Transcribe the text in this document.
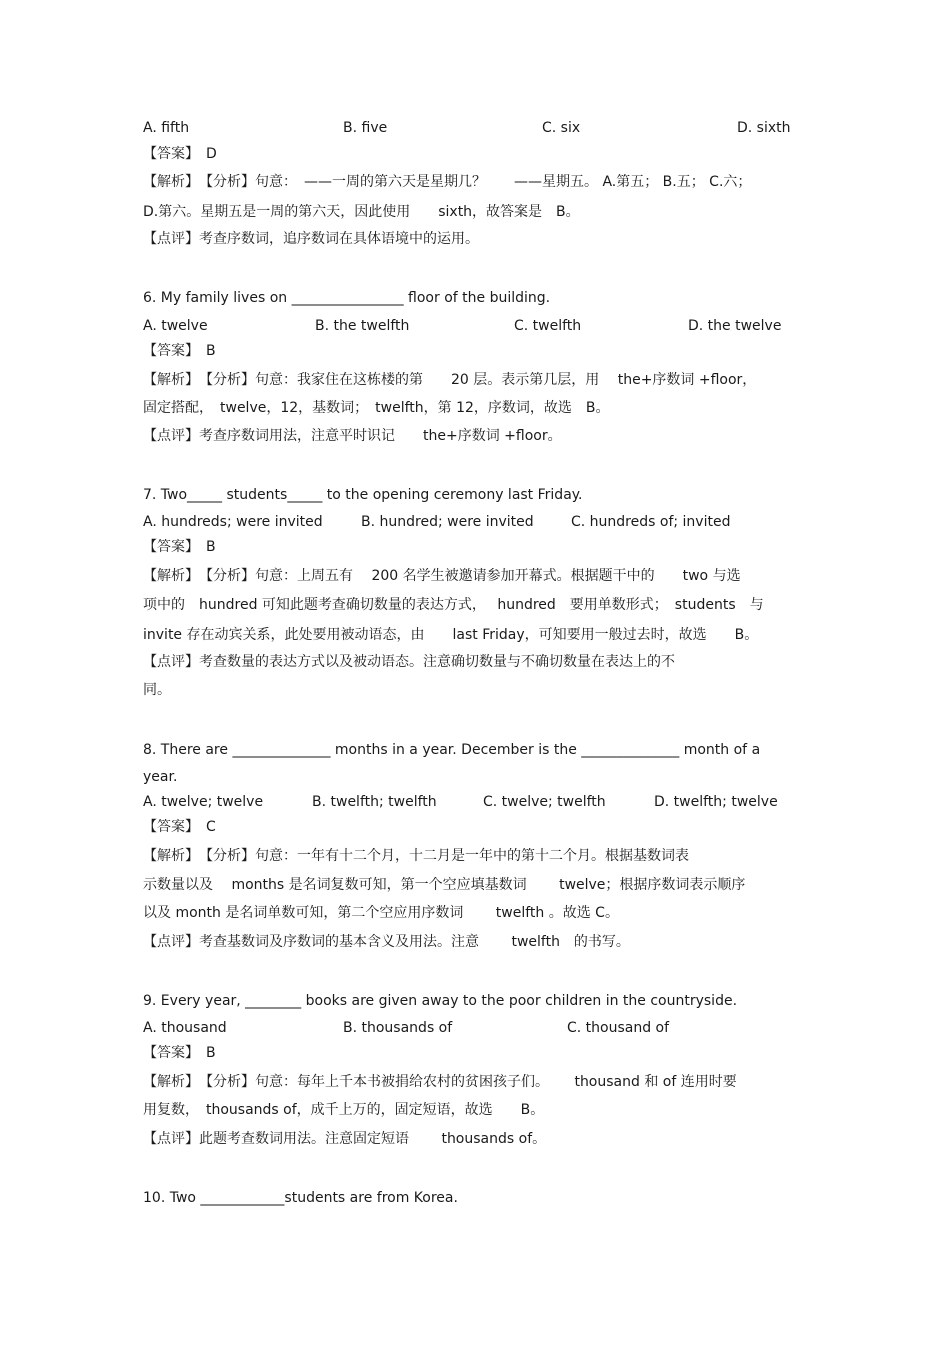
A. fifth	B. five	C. six	D. sixth
【答案】　D
【解析】　【分析】句意：　——一周的第六天是星期几？　　——星期五。 A.第五； B.五； C.六；
D.第六。星期五是一周的第六天，因此使用　　sixth，故答案是　B。
【点评】考查序数词，追序数词在具体语境中的运用。
6. My family lives on ________________ floor of the building.
A. twelve	B. the twelfth	C. twelfth	D. the twelve
【答案】　B
【解析】　【分析】句意：我家住在这栋楼的第　　20 层。表示第几层，用　 the+序数词 +floor，
固定搭配，　twelve，12，基数词；　twelfth，第 12，序数词，故选　B。
【点评】考查序数词用法，注意平时识记　　the+序数词 +floor。
7. Two_____ students_____ to the opening ceremony last Friday.
A. hundreds; were invited	B. hundred; were invited	C. hundreds of; invited
【答案】　B
【解析】　【分析】句意：上周五有　 200 名学生被邀请参加开幕式。根据题干中的　　two 与选
项中的　hundred 可知此题考查确切数量的表达方式，　 hundred　要用单数形式；　students　与
invite 存在动宾关系，此处要用被动语态，由　　last Friday，可知要用一般过去时，故选　　B。
【点评】考查数量的表达方式以及被动语态。注意确切数量与不确切数量在表达上的不
同。
8. There are ______________ months in a year. December is the ______________ month of a
year.
A. twelve; twelve	B. twelfth; twelfth	C. twelve; twelfth	D. twelfth; twelve
【答案】　C
【解析】　【分析】句意：一年有十二个月，十二月是一年中的第十二个月。根据基数词表
示数量以及　 months 是名词复数可知，第一个空应填基数词　　 twelve；根据序数词表示顺序
以及 month 是名词单数可知，第二个空应用序数词　　 twelfth 。故选 C。
【点评】考查基数词及序数词的基本含义及用法。注意　　 twelfth　的书写。
9. Every year, ________ books are given away to the poor children in the countryside.
A. thousand	B. thousands of	C. thousand of
【答案】　B
【解析】　【分析】句意：每年上千本书被捐给农村的贫困孩子们。　　 thousand 和 of 连用时要
用复数，　thousands of，成千上万的，固定短语，故选　　B。
【点评】此题考查数词用法。注意固定短语　　 thousands of。
10. Two ____________students are from Korea.
